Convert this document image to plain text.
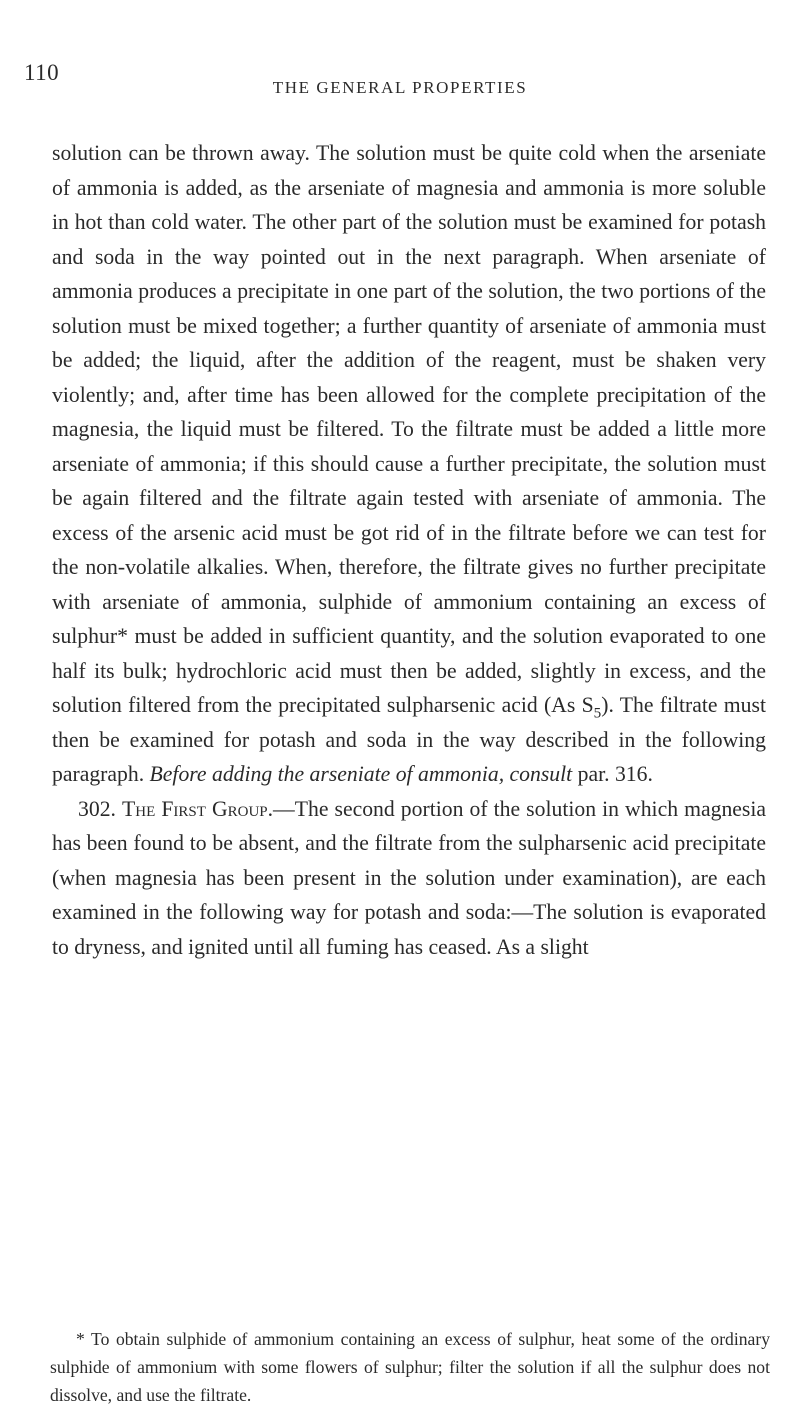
110
THE GENERAL PROPERTIES

solution can be thrown away. The solution must be quite cold when the arseniate of ammonia is added, as the arseniate of magnesia and ammonia is more soluble in hot than cold water. The other part of the solution must be examined for potash and soda in the way pointed out in the next paragraph. When arseniate of ammonia produces a precipitate in one part of the solution, the two portions of the solution must be mixed together; a further quantity of arseniate of ammonia must be added; the liquid, after the addition of the reagent, must be shaken very violently; and, after time has been allowed for the complete precipitation of the magnesia, the liquid must be filtered. To the filtrate must be added a little more arseniate of ammonia; if this should cause a further precipitate, the solution must be again filtered and the filtrate again tested with arseniate of ammonia. The excess of the arsenic acid must be got rid of in the filtrate before we can test for the non-volatile alkalies. When, therefore, the filtrate gives no further precipitate with arseniate of ammonia, sulphide of ammonium containing an excess of sulphur* must be added in sufficient quantity, and the solution evaporated to one half its bulk; hydrochloric acid must then be added, slightly in excess, and the solution filtered from the precipitated sulpharsenic acid (As $S_5$). The filtrate must then be examined for potash and soda in the way described in the following paragraph. Before adding the arseniate of ammonia, consult par. 316.

302. The First Group.—The second portion of the solution in which magnesia has been found to be absent, and the filtrate from the sulpharsenic acid precipitate (when magnesia has been present in the solution under examination), are each examined in the following way for potash and soda:—The solution is evaporated to dryness, and ignited until all fuming has ceased. As a slight

* To obtain sulphide of ammonium containing an excess of sulphur, heat some of the ordinary sulphide of ammonium with some flowers of sulphur; filter the solution if all the sulphur does not dissolve, and use the filtrate.
